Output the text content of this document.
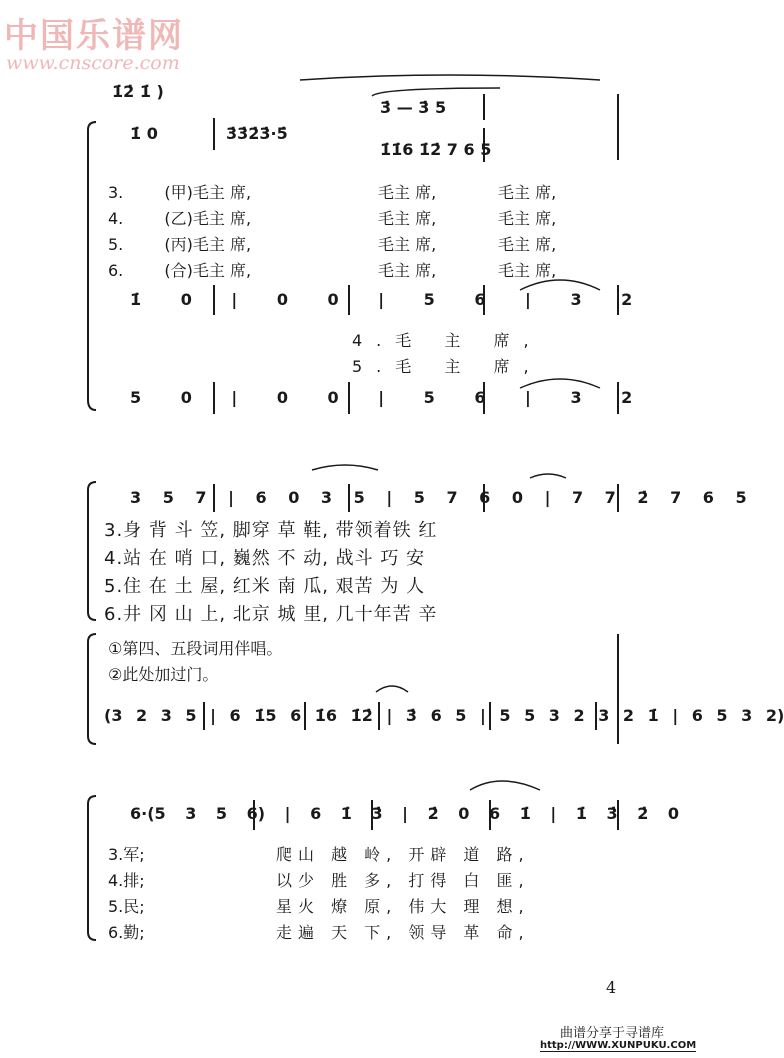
中国乐谱网
www.cnscore.com
1̇2̇ 1̇ )
1̇ 0	3̇3̇2̇3̇·5̇
3̇ — 3̇ 5
1̇1̇6 1̇2̇ 7 6 5
3.	(甲)毛主 席,	毛主 席,	毛主 席,
4.	(乙)毛主 席,	毛主 席,	毛主 席,
5.	(丙)毛主 席,	毛主 席,	毛主 席,
6.	(合)毛主 席,	毛主 席,	毛主 席,
1̇ 0 | 0 0 | 5 6 | 3 2
4.毛 主 席,
5.毛 主 席,
5 0 | 0 0 | 5 6 | 3 2
3 5 7 | 6 0 3 5 | 5 7 6 0 | 7 7 2̇ 7 6 5
3.身 背 斗 笠, 脚穿 草 鞋, 带领着铁 红
4.站 在 哨 口, 巍然 不 动, 战斗 巧 安
5.住 在 土 屋, 红米 南 瓜, 艰苦 为 人
6.井 冈 山 上, 北京 城 里, 几十年苦 辛
①第四、五段词用伴唱。
②此处加过门。
(3 2 3 5 | 6 1̇5 6 1̇6 1̇2̇ | 3̇ 6 5 | 5 5 3 2 3 2 1̇ | 6 5 3 2)
6·(5 3 5 6) | 6 1̇ 3̇ | 2̇ 0 6 1̇ | 1̇ 3̇ 2̇ 0
3.军;	爬山 越 岭, 开辟 道 路,
4.排;	以少 胜 多, 打得 白 匪,
5.民;	星火 燎 原, 伟大 理 想,
6.勤;	走遍 天 下, 领导 革 命,
4
曲谱分享于寻谱库
http://WWW.XUNPUKU.COM
